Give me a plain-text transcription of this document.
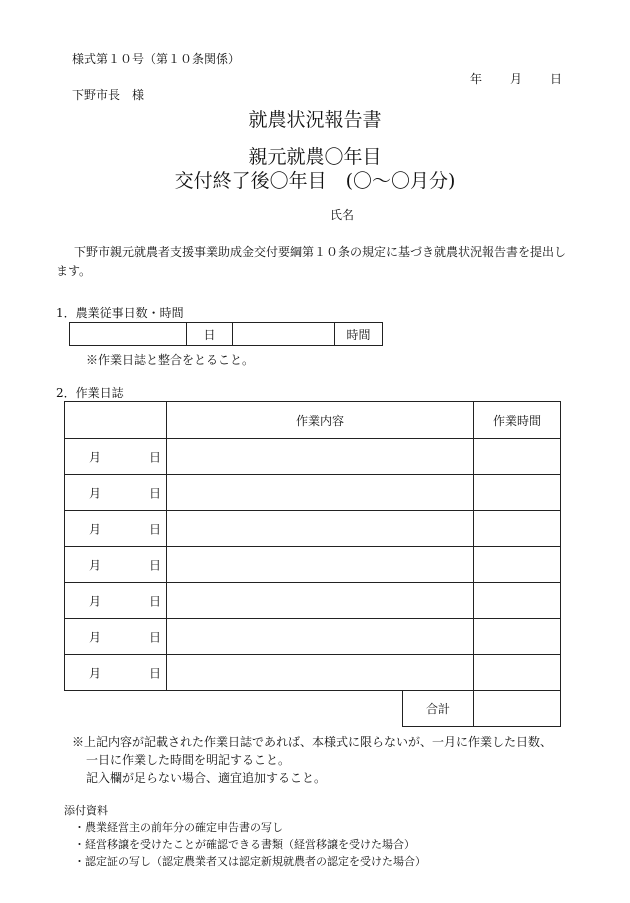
様式第１０号（第１０条関係）
年 月 日
下野市長　様
就農状況報告書
親元就農〇年目
交付終了後〇年目　(〇～〇月分)
氏名
下野市親元就農者支援事業助成金交付要綱第１０条の規定に基づき就農状況報告書を提出します。
1．農業従事日数・時間
	日		時間
※作業日誌と整合をとること。
2．作業日誌
	作業内容		作業時間

月 日			

月 日			

月 日			

月 日			

月 日			

月 日			

月 日			

		合計	

※上記内容が記載された作業日誌であれば、本様式に限らないが、一月に作業した日数、一日に作業した時間を明記すること。

記入欄が足らない場合、適宜追加すること。

添付資料
・農業経営主の前年分の確定申告書の写し
・経営移譲を受けたことが確認できる書類（経営移譲を受けた場合）
・認定証の写し（認定農業者又は認定新規就農者の認定を受けた場合）
